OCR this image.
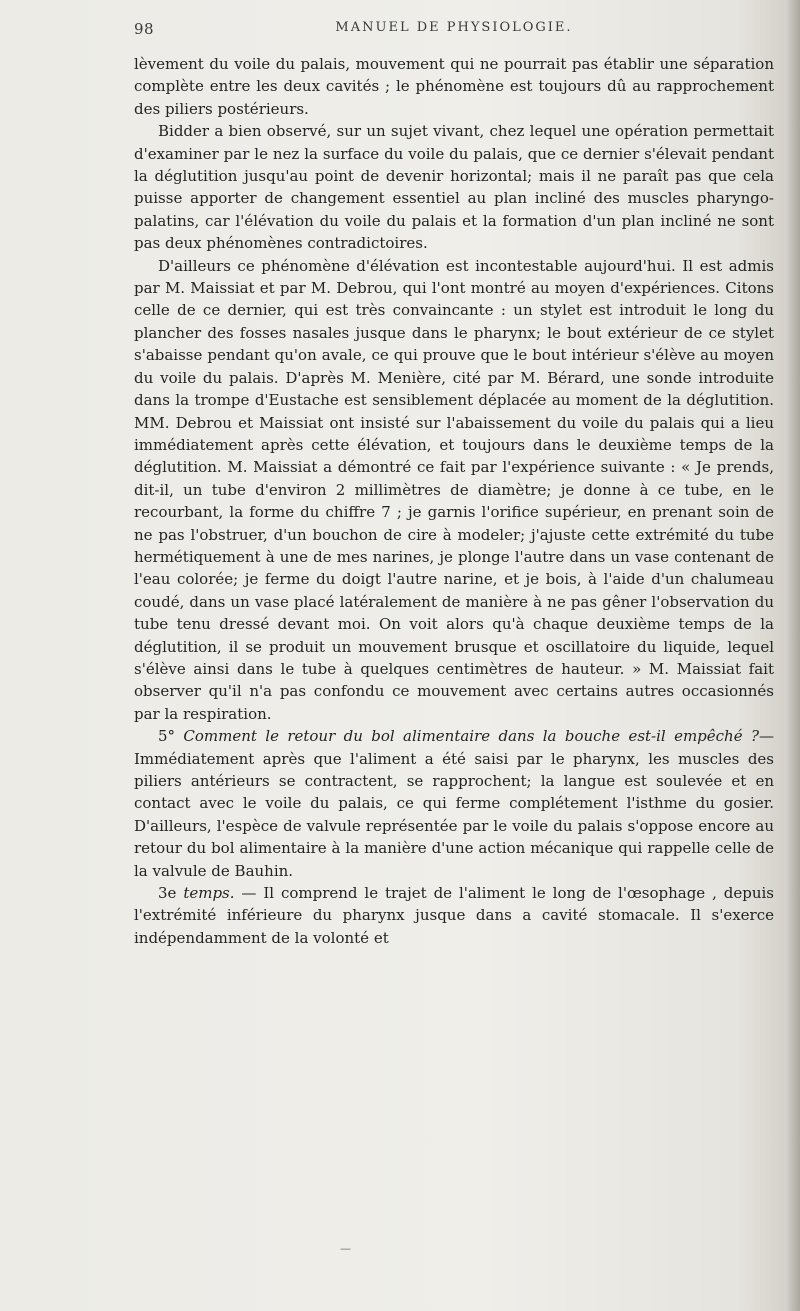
98	MANUEL DE PHYSIOLOGIE.

lèvement du voile du palais, mouvement qui ne pourrait pas établir une séparation complète entre les deux cavités ; le phénomène est toujours dû au rapprochement des piliers postérieurs.

Bidder a bien observé, sur un sujet vivant, chez lequel une opération permettait d'examiner par le nez la surface du voile du palais, que ce dernier s'élevait pendant la déglutition jusqu'au point de devenir horizontal; mais il ne paraît pas que cela puisse apporter de changement essentiel au plan incliné des muscles pharyngo-palatins, car l'élévation du voile du palais et la formation d'un plan incliné ne sont pas deux phénomènes contradictoires.

D'ailleurs ce phénomène d'élévation est incontestable aujourd'hui. Il est admis par M. Maissiat et par M. Debrou, qui l'ont montré au moyen d'expériences. Citons celle de ce dernier, qui est très convaincante : un stylet est introduit le long du plancher des fosses nasales jusque dans le pharynx; le bout extérieur de ce stylet s'abaisse pendant qu'on avale, ce qui prouve que le bout intérieur s'élève au moyen du voile du palais. D'après M. Menière, cité par M. Bérard, une sonde introduite dans la trompe d'Eustache est sensiblement déplacée au moment de la déglutition. MM. Debrou et Maissiat ont insisté sur l'abaissement du voile du palais qui a lieu immédiatement après cette élévation, et toujours dans le deuxième temps de la déglutition. M. Maissiat a démontré ce fait par l'expérience suivante : « Je prends, dit-il, un tube d'environ 2 millimètres de diamètre; je donne à ce tube, en le recourbant, la forme du chiffre 7 ; je garnis l'orifice supérieur, en prenant soin de ne pas l'obstruer, d'un bouchon de cire à modeler; j'ajuste cette extrémité du tube hermétiquement à une de mes narines, je plonge l'autre dans un vase contenant de l'eau colorée; je ferme du doigt l'autre narine, et je bois, à l'aide d'un chalumeau coudé, dans un vase placé latéralement de manière à ne pas gêner l'observation du tube tenu dressé devant moi. On voit alors qu'à chaque deuxième temps de la déglutition, il se produit un mouvement brusque et oscillatoire du liquide, lequel s'élève ainsi dans le tube à quelques centimètres de hauteur. » M. Maissiat fait observer qu'il n'a pas confondu ce mouvement avec certains autres occasionnés par la respiration.

5° Comment le retour du bol alimentaire dans la bouche est-il empêché ?—Immédiatement après que l'aliment a été saisi par le pharynx, les muscles des piliers antérieurs se contractent, se rapprochent; la langue est soulevée et en contact avec le voile du palais, ce qui ferme complétement l'isthme du gosier. D'ailleurs, l'espèce de valvule représentée par le voile du palais s'oppose encore au retour du bol alimentaire à la manière d'une action mécanique qui rappelle celle de la valvule de Bauhin.

3e temps. — Il comprend le trajet de l'aliment le long de l'œsophage , depuis l'extrémité inférieure du pharynx jusque dans a cavité stomacale. Il s'exerce indépendamment de la volonté et

—
